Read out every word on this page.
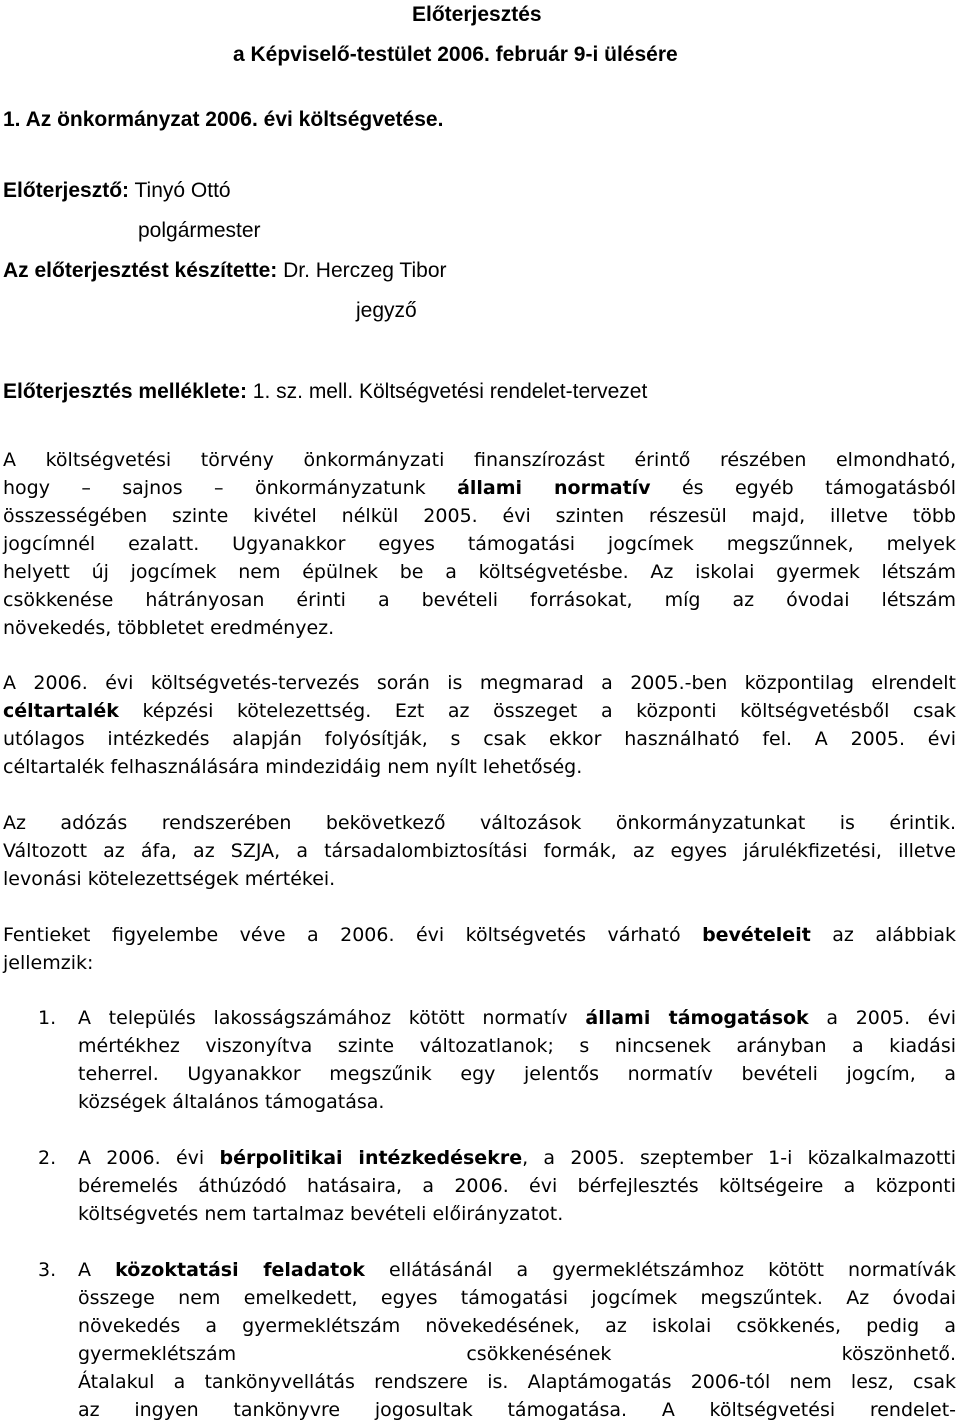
Előterjesztés
a Képviselő-testület 2006. február 9-i ülésére
1. Az önkormányzat 2006. évi költségvetése.
Előterjesztő: Tinyó Ottó
polgármester
Az előterjesztést készítette: Dr. Herczeg Tibor
jegyző
Előterjesztés melléklete: 1. sz. mell. Költségvetési rendelet-tervezet
A költségvetési törvény önkormányzati finanszírozást érintő részében elmondható,
hogy – sajnos – önkormányzatunk állami normatív és egyéb támogatásból
összességében szinte kivétel nélkül 2005. évi szinten részesül majd, illetve több
jogcímnél ezalatt. Ugyanakkor egyes támogatási jogcímek megszűnnek, melyek
helyett új jogcímek nem épülnek be a költségvetésbe. Az iskolai gyermek létszám
csökkenése hátrányosan érinti a bevételi forrásokat, míg az óvodai létszám
növekedés, többletet eredményez.
A 2006. évi költségvetés-tervezés során is megmarad a 2005.-ben központilag elrendelt
céltartalék képzési kötelezettség. Ezt az összeget a központi költségvetésből csak
utólagos intézkedés alapján folyósítják, s csak ekkor használható fel. A 2005. évi
céltartalék felhasználására mindezidáig nem nyílt lehetőség.
Az adózás rendszerében bekövetkező változások önkormányzatunkat is érintik.
Változott az áfa, az SZJA, a társadalombiztosítási formák, az egyes járulékfizetési, illetve
levonási kötelezettségek mértékei.
Fentieket figyelembe véve a 2006. évi költségvetés várható bevételeit az alábbiak
jellemzik:
1. A település lakosságszámához kötött normatív állami támogatások a 2005. évi
mértékhez viszonyítva szinte változatlanok; s nincsenek arányban a kiadási
teherrel. Ugyanakkor megszűnik egy jelentős normatív bevételi jogcím, a
községek általános támogatása.
2. A 2006. évi bérpolitikai intézkedésekre, a 2005. szeptember 1-i közalkalmazotti
béremelés áthúzódó hatásaira, a 2006. évi bérfejlesztés költségeire a központi
költségvetés nem tartalmaz bevételi előirányzatot.
3. A közoktatási feladatok ellátásánál a gyermeklétszámhoz kötött normatívák
összege nem emelkedett, egyes támogatási jogcímek megszűntek. Az óvodai
növekedés a gyermeklétszám növekedésének, az iskolai csökkenés, pedig a
gyermeklétszám csökkenésének köszönhető.
Átalakul a tankönyvellátás rendszere is. Alaptámogatás 2006-tól nem lesz, csak
az ingyen tankönyvre jogosultak támogatása. A költségvetési rendelet-
